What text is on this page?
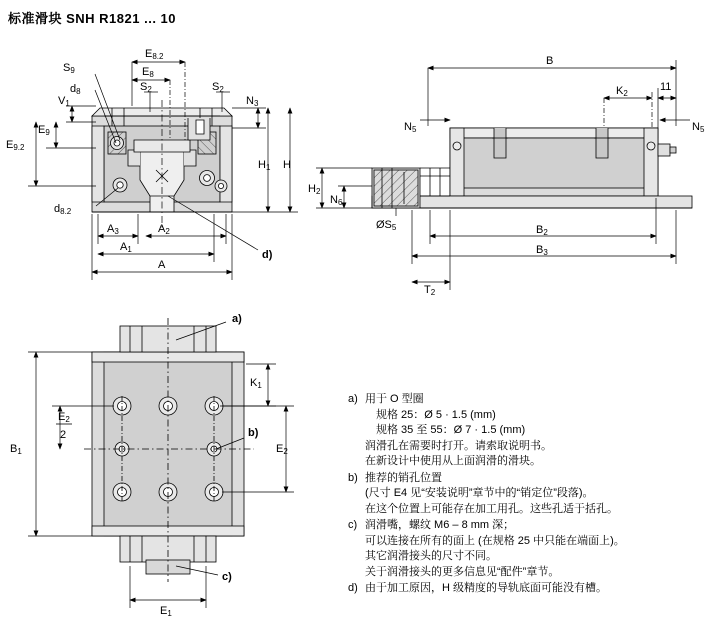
标准滑块 SNH R1821 ... 10
E8.2
E8
S9
d8	S2	S2
N3
V1
E9
E9.2
H1 H
d8.2
A3	A2
A1
A
d)
B
K2
11
N5	N5
H2
N6
ØS5	B2
B3
T2
a)
K1
E2
2	b)
B1	E2
c)
E1
a) 用于 O 型圈
规格 25：Ø 5 · 1.5 (mm)
规格 35 至 55：Ø 7 · 1.5 (mm)
润滑孔在需要时打开。请索取说明书。
在新设计中使用从上面润滑的滑块。
b) 推荐的销孔位置
(尺寸 E4 见“安装说明”章节中的“销定位”段落)。
在这个位置上可能存在加工用孔。这些孔适于括孔。
c) 润滑嘴，螺纹 M6 – 8 mm 深；
可以连接在所有的面上 (在规格 25 中只能在端面上)。
其它润滑接头的尺寸不同。
关于润滑接头的更多信息见“配件”章节。
d) 由于加工原因，H 级精度的导轨底面可能没有槽。
